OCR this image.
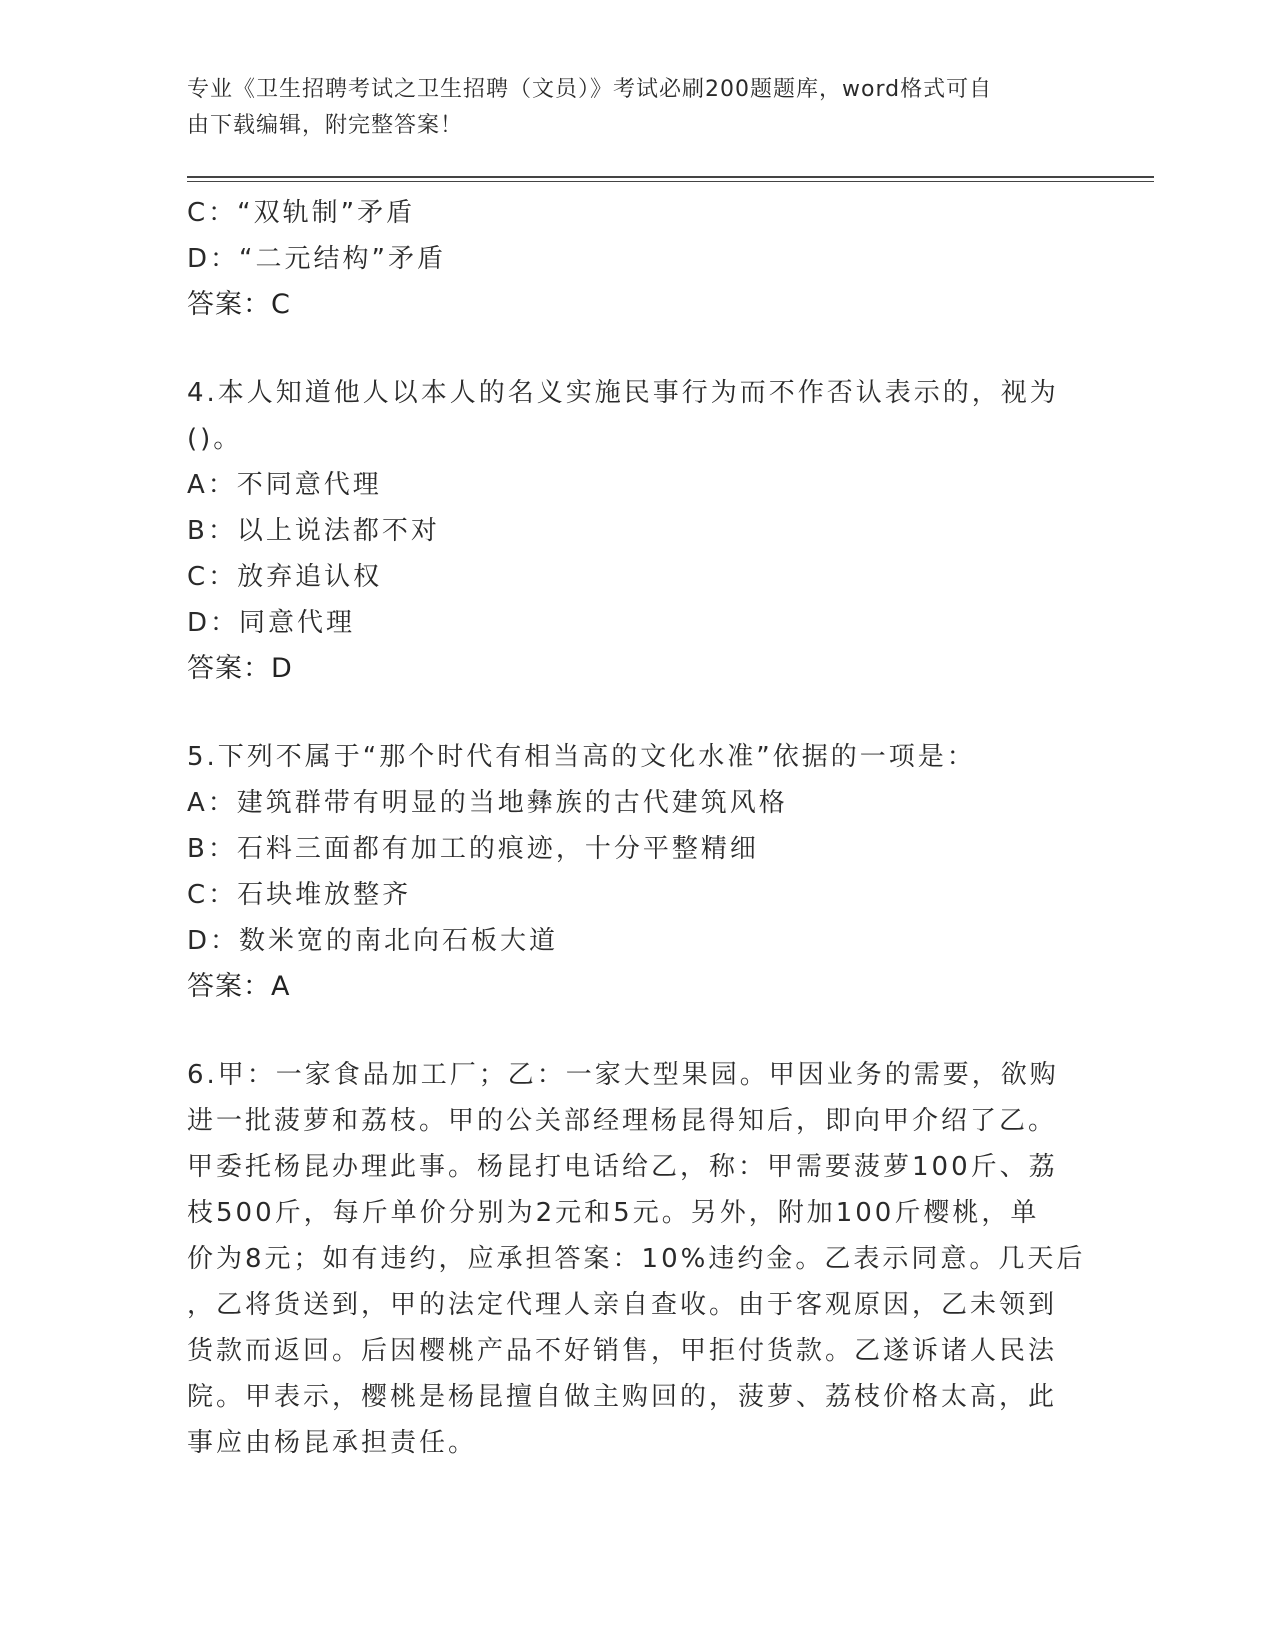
专业《卫生招聘考试之卫生招聘（文员）》考试必刷200题题库，word格式可自
由下载编辑，附完整答案！
C：“双轨制”矛盾
D：“二元结构”矛盾
答案：C
4.本人知道他人以本人的名义实施民事行为而不作否认表示的，视为
()。
A：不同意代理
B：以上说法都不对
C：放弃追认权
D：同意代理
答案：D
5.下列不属于“那个时代有相当高的文化水准”依据的一项是：
A：建筑群带有明显的当地彝族的古代建筑风格
B：石料三面都有加工的痕迹，十分平整精细
C：石块堆放整齐
D：数米宽的南北向石板大道
答案：A
6.甲：一家食品加工厂；乙：一家大型果园。甲因业务的需要，欲购
进一批菠萝和荔枝。甲的公关部经理杨昆得知后，即向甲介绍了乙。
甲委托杨昆办理此事。杨昆打电话给乙，称：甲需要菠萝100斤、荔
枝500斤，每斤单价分别为2元和5元。另外，附加100斤樱桃，单
价为8元；如有违约，应承担答案：10%违约金。乙表示同意。几天后
，乙将货送到，甲的法定代理人亲自查收。由于客观原因，乙未领到
货款而返回。后因樱桃产品不好销售，甲拒付货款。乙遂诉诸人民法
院。甲表示，樱桃是杨昆擅自做主购回的，菠萝、荔枝价格太高，此
事应由杨昆承担责任。
